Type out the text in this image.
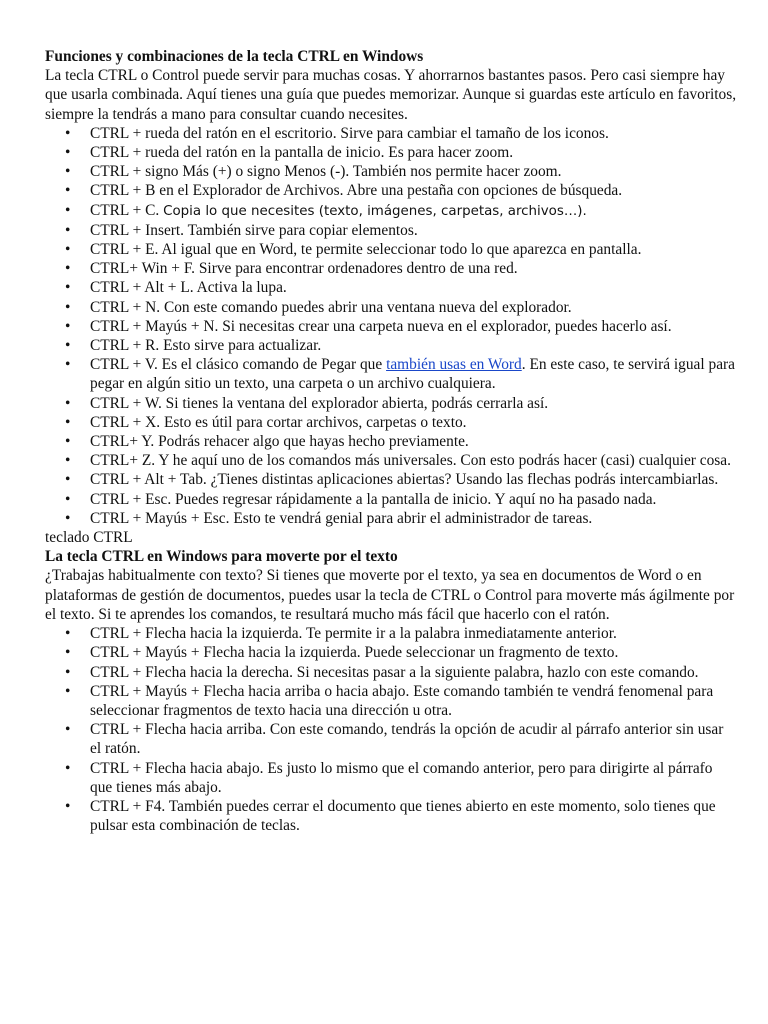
Funciones y combinaciones de la tecla CTRL en Windows

La tecla CTRL o Control puede servir para muchas cosas. Y ahorrarnos bastantes pasos. Pero casi siempre hay que usarla combinada. Aquí tienes una guía que puedes memorizar. Aunque si guardas este artículo en favoritos, siempre la tendrás a mano para consultar cuando necesites.

• CTRL + rueda del ratón en el escritorio. Sirve para cambiar el tamaño de los iconos.
• CTRL + rueda del ratón en la pantalla de inicio. Es para hacer zoom.
• CTRL + signo Más (+) o signo Menos (-). También nos permite hacer zoom.
• CTRL + B en el Explorador de Archivos. Abre una pestaña con opciones de búsqueda.
• CTRL + C. Copia lo que necesites (texto, imágenes, carpetas, archivos…).
• CTRL + Insert. También sirve para copiar elementos.
• CTRL + E. Al igual que en Word, te permite seleccionar todo lo que aparezca en pantalla.
• CTRL+ Win + F. Sirve para encontrar ordenadores dentro de una red.
• CTRL + Alt + L. Activa la lupa.
• CTRL + N. Con este comando puedes abrir una ventana nueva del explorador.
• CTRL + Mayús + N. Si necesitas crear una carpeta nueva en el explorador, puedes hacerlo así.
• CTRL + R. Esto sirve para actualizar.
• CTRL + V. Es el clásico comando de Pegar que también usas en Word. En este caso, te servirá igual para pegar en algún sitio un texto, una carpeta o un archivo cualquiera.
• CTRL + W. Si tienes la ventana del explorador abierta, podrás cerrarla así.
• CTRL + X. Esto es útil para cortar archivos, carpetas o texto.
• CTRL+ Y. Podrás rehacer algo que hayas hecho previamente.
• CTRL+ Z. Y he aquí uno de los comandos más universales. Con esto podrás hacer (casi) cualquier cosa.
• CTRL + Alt + Tab. ¿Tienes distintas aplicaciones abiertas? Usando las flechas podrás intercambiarlas.
• CTRL + Esc. Puedes regresar rápidamente a la pantalla de inicio. Y aquí no ha pasado nada.
• CTRL + Mayús + Esc. Esto te vendrá genial para abrir el administrador de tareas.

teclado CTRL

La tecla CTRL en Windows para moverte por el texto

¿Trabajas habitualmente con texto? Si tienes que moverte por el texto, ya sea en documentos de Word o en plataformas de gestión de documentos, puedes usar la tecla de CTRL o Control para moverte más ágilmente por el texto. Si te aprendes los comandos, te resultará mucho más fácil que hacerlo con el ratón.

• CTRL + Flecha hacia la izquierda. Te permite ir a la palabra inmediatamente anterior.
• CTRL + Mayús + Flecha hacia la izquierda. Puede seleccionar un fragmento de texto.
• CTRL + Flecha hacia la derecha. Si necesitas pasar a la siguiente palabra, hazlo con este comando.
• CTRL + Mayús + Flecha hacia arriba o hacia abajo. Este comando también te vendrá fenomenal para seleccionar fragmentos de texto hacia una dirección u otra.
• CTRL + Flecha hacia arriba. Con este comando, tendrás la opción de acudir al párrafo anterior sin usar el ratón.
• CTRL + Flecha hacia abajo. Es justo lo mismo que el comando anterior, pero para dirigirte al párrafo que tienes más abajo.
• CTRL + F4. También puedes cerrar el documento que tienes abierto en este momento, solo tienes que pulsar esta combinación de teclas.
